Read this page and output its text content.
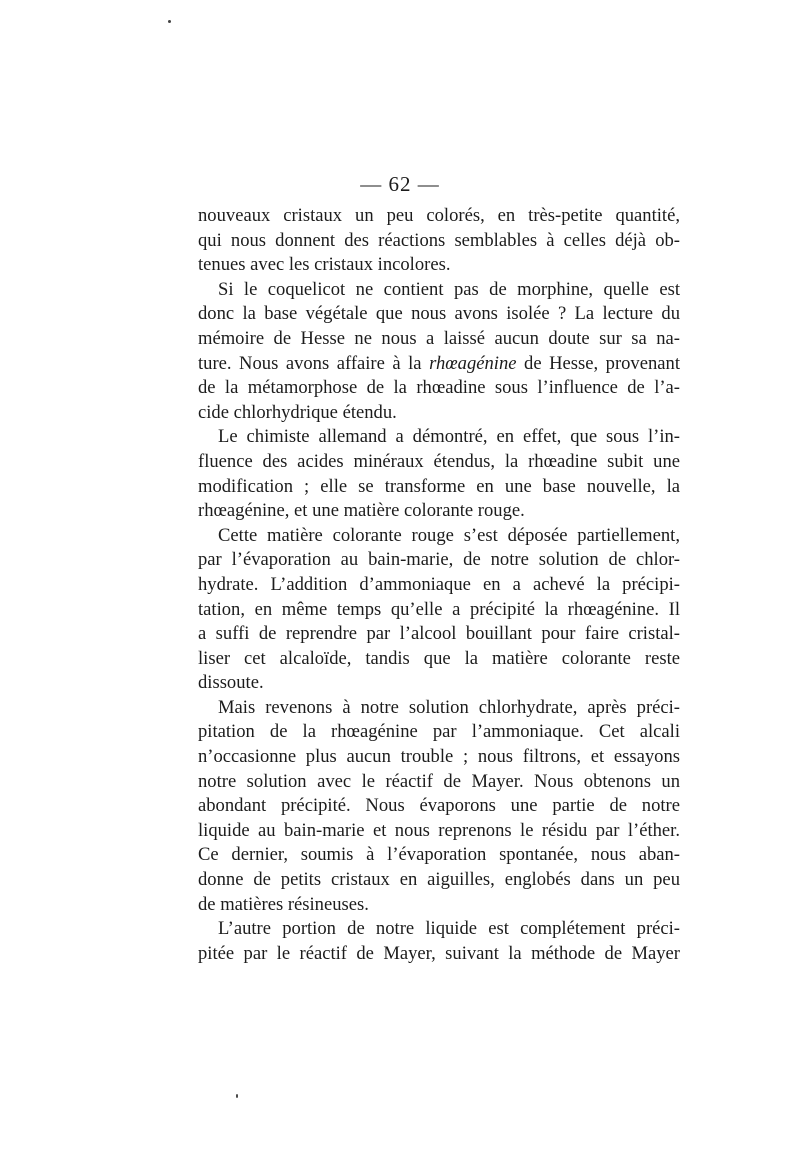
— 62 —
nouveaux cristaux un peu colorés, en très-petite quantité,
qui nous donnent des réactions semblables à celles déjà ob-
tenues avec les cristaux incolores.
Si le coquelicot ne contient pas de morphine, quelle est
donc la base végétale que nous avons isolée ? La lecture du
mémoire de Hesse ne nous a laissé aucun doute sur sa na-
ture. Nous avons affaire à la rhœagénine de Hesse, provenant
de la métamorphose de la rhœadine sous l’influence de l’a-
cide chlorhydrique étendu.
Le chimiste allemand a démontré, en effet, que sous l’in-
fluence des acides minéraux étendus, la rhœadine subit une
modification ; elle se transforme en une base nouvelle, la
rhœagénine, et une matière colorante rouge.
Cette matière colorante rouge s’est déposée partiellement,
par l’évaporation au bain-marie, de notre solution de chlor-
hydrate. L’addition d’ammoniaque en a achevé la précipi-
tation, en même temps qu’elle a précipité la rhœagénine. Il
a suffi de reprendre par l’alcool bouillant pour faire cristal-
liser cet alcaloïde, tandis que la matière colorante reste
dissoute.
Mais revenons à notre solution chlorhydrate, après préci-
pitation de la rhœagénine par l’ammoniaque. Cet alcali
n’occasionne plus aucun trouble ; nous filtrons, et essayons
notre solution avec le réactif de Mayer. Nous obtenons un
abondant précipité. Nous évaporons une partie de notre
liquide au bain-marie et nous reprenons le résidu par l’éther.
Ce dernier, soumis à l’évaporation spontanée, nous aban-
donne de petits cristaux en aiguilles, englobés dans un peu
de matières résineuses.
L’autre portion de notre liquide est complétement préci-
pitée par le réactif de Mayer, suivant la méthode de Mayer
